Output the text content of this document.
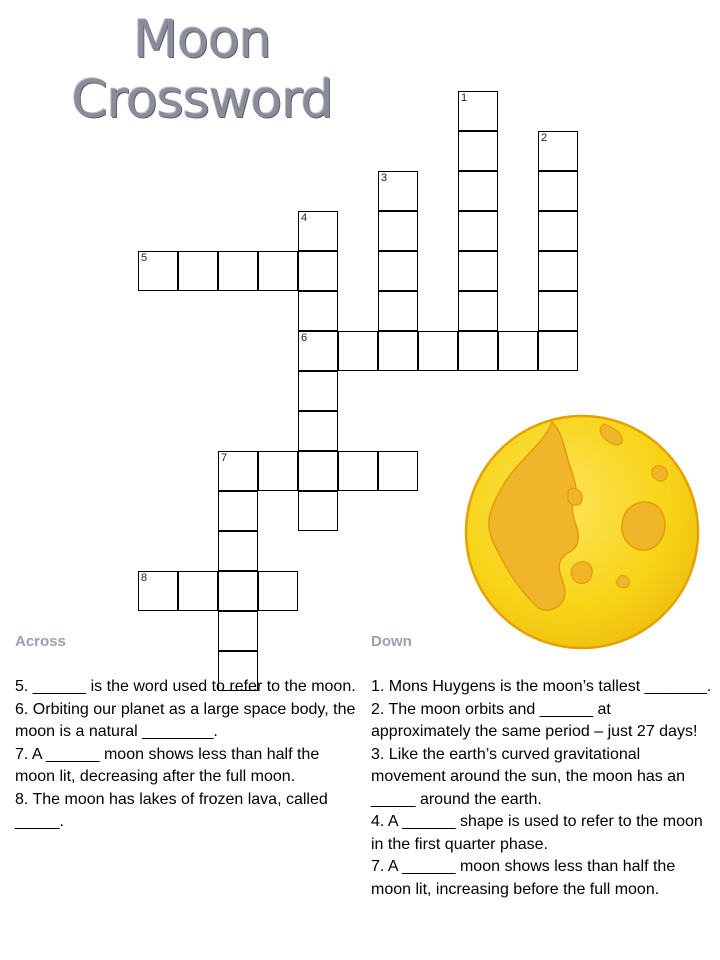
Moon
Crossword	1
2
3
4
6
5
7
8
Across	Down

5. ______ is the word used to refer to the moon.

6. Orbiting our planet as a large space body, the moon is a natural ________.

7. A ______ moon shows less than half the moon lit, decreasing after the full moon.

8. The moon has lakes of frozen lava, called _____.

1. Mons Huygens is the moon’s tallest _______.

2. The moon orbits and ______ at approximately the same period – just 27 days!

3. Like the earth’s curved gravitational movement around the sun, the moon has an _____ around the earth.

4. A ______ shape is used to refer to the moon in the first quarter phase.

7. A ______ moon shows less than half the moon lit, increasing before the full moon.
